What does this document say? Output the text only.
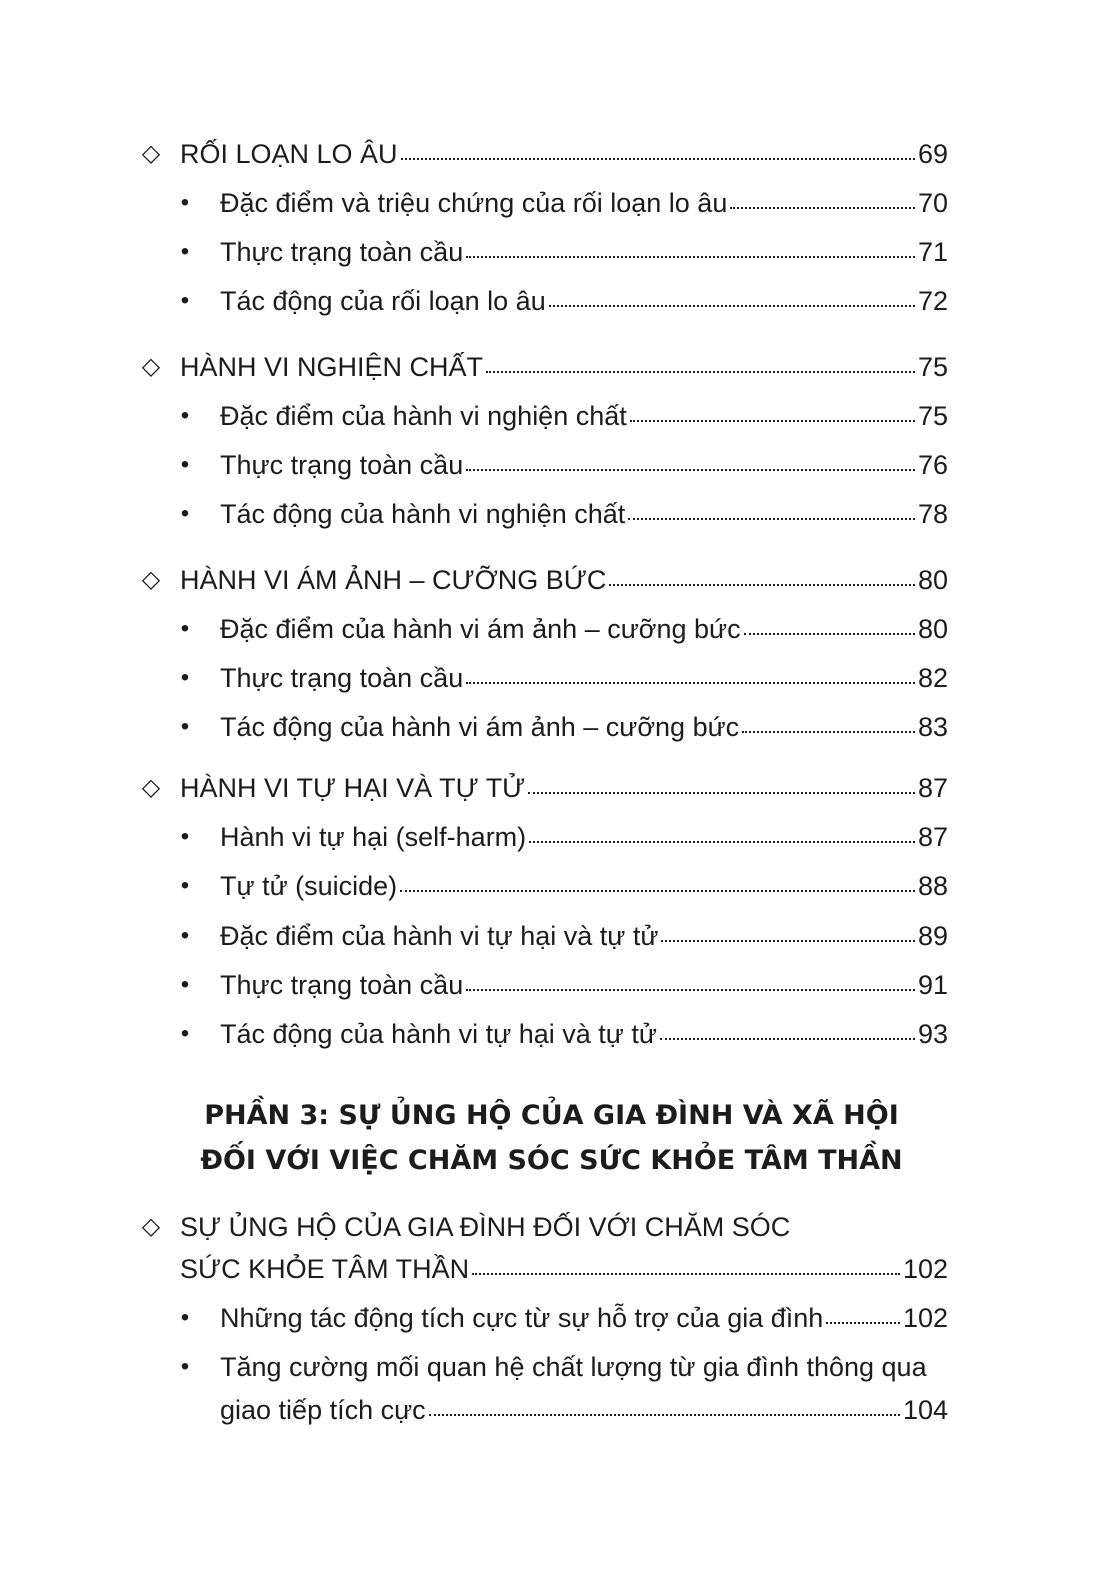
◇ RỐI LOẠN LO ÂU	69
•	Đặc điểm và triệu chứng của rối loạn lo âu	70
•	Thực trạng toàn cầu	71
•	Tác động của rối loạn lo âu	72
◇ HÀNH VI NGHIỆN CHẤT	75
•	Đặc điểm của hành vi nghiện chất	75
•	Thực trạng toàn cầu	76
•	Tác động của hành vi nghiện chất	78
◇ HÀNH VI ÁM ẢNH – CƯỠNG BỨC	80
•	Đặc điểm của hành vi ám ảnh – cưỡng bức	80
•	Thực trạng toàn cầu	82
•	Tác động của hành vi ám ảnh – cưỡng bức	83
◇ HÀNH VI TỰ HẠI VÀ TỰ TỬ	87
•	Hành vi tự hại (self-harm)	87
•	Tự tử (suicide)	88
•	Đặc điểm của hành vi tự hại và tự tử	89
•	Thực trạng toàn cầu	91
•	Tác động của hành vi tự hại và tự tử	93
PHẦN 3: SỰ ỦNG HỘ CỦA GIA ĐÌNH VÀ XÃ HỘI
ĐỐI VỚI VIỆC CHĂM SÓC SỨC KHỎE TÂM THẦN
◇ SỰ ỦNG HỘ CỦA GIA ĐÌNH ĐỐI VỚI CHĂM SÓC
SỨC KHỎE TÂM THẦN	102
•	Những tác động tích cực từ sự hỗ trợ của gia đình	102
•	Tăng cường mối quan hệ chất lượng từ gia đình thông qua
giao tiếp tích cực	104
